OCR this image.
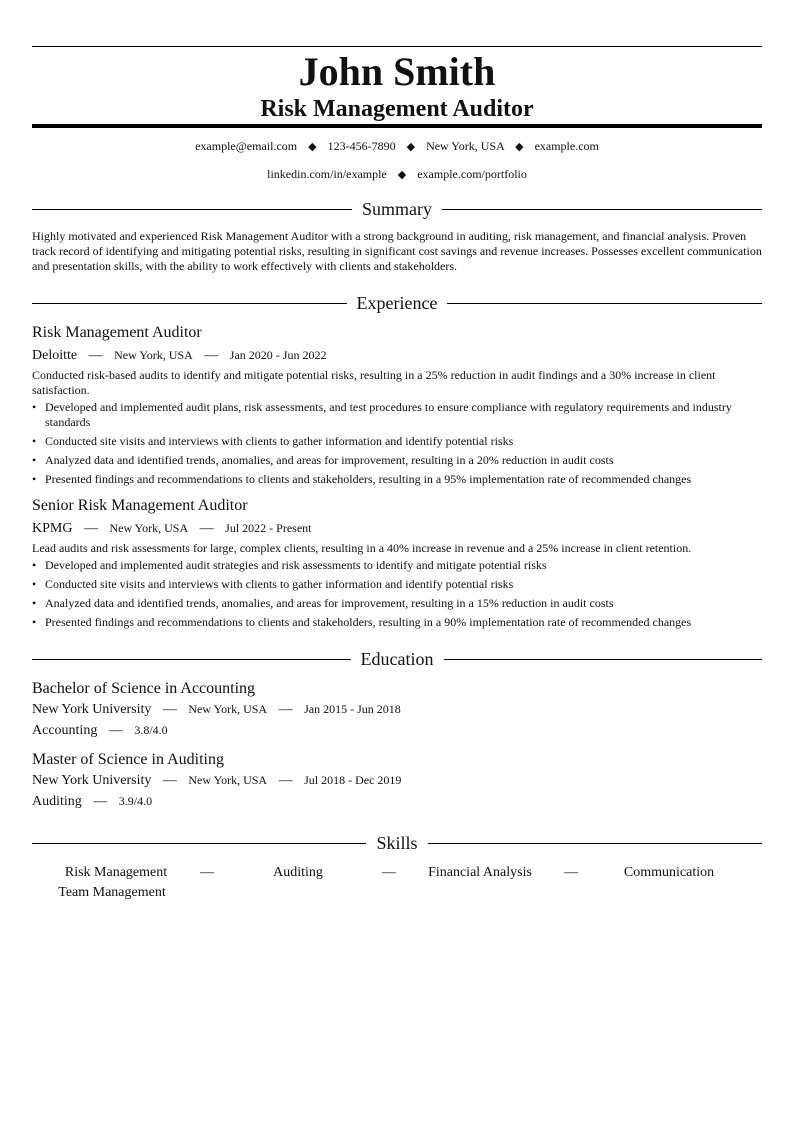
John Smith
Risk Management Auditor
example@email.com ◆ 123-456-7890 ◆ New York, USA ◆ example.com
linkedin.com/in/example ◆ example.com/portfolio
Summary
Highly motivated and experienced Risk Management Auditor with a strong background in auditing, risk management, and financial analysis. Proven track record of identifying and mitigating potential risks, resulting in significant cost savings and revenue increases. Possesses excellent communication and presentation skills, with the ability to work effectively with clients and stakeholders.
Experience
Risk Management Auditor
Deloitte — New York, USA — Jan 2020 - Jun 2022
Conducted risk-based audits to identify and mitigate potential risks, resulting in a 25% reduction in audit findings and a 30% increase in client satisfaction.
• Developed and implemented audit plans, risk assessments, and test procedures to ensure compliance with regulatory requirements and industry standards
• Conducted site visits and interviews with clients to gather information and identify potential risks
• Analyzed data and identified trends, anomalies, and areas for improvement, resulting in a 20% reduction in audit costs
• Presented findings and recommendations to clients and stakeholders, resulting in a 95% implementation rate of recommended changes
Senior Risk Management Auditor
KPMG — New York, USA — Jul 2022 - Present
Lead audits and risk assessments for large, complex clients, resulting in a 40% increase in revenue and a 25% increase in client retention.
• Developed and implemented audit strategies and risk assessments to identify and mitigate potential risks
• Conducted site visits and interviews with clients to gather information and identify potential risks
• Analyzed data and identified trends, anomalies, and areas for improvement, resulting in a 15% reduction in audit costs
• Presented findings and recommendations to clients and stakeholders, resulting in a 90% implementation rate of recommended changes
Education
Bachelor of Science in Accounting
New York University — New York, USA — Jan 2015 - Jun 2018
Accounting — 3.8/4.0
Master of Science in Auditing
New York University — New York, USA — Jul 2018 - Dec 2019
Auditing — 3.9/4.0
Skills
Risk Management —	Auditing	—	Financial Analysis —	Communication
Team Management
